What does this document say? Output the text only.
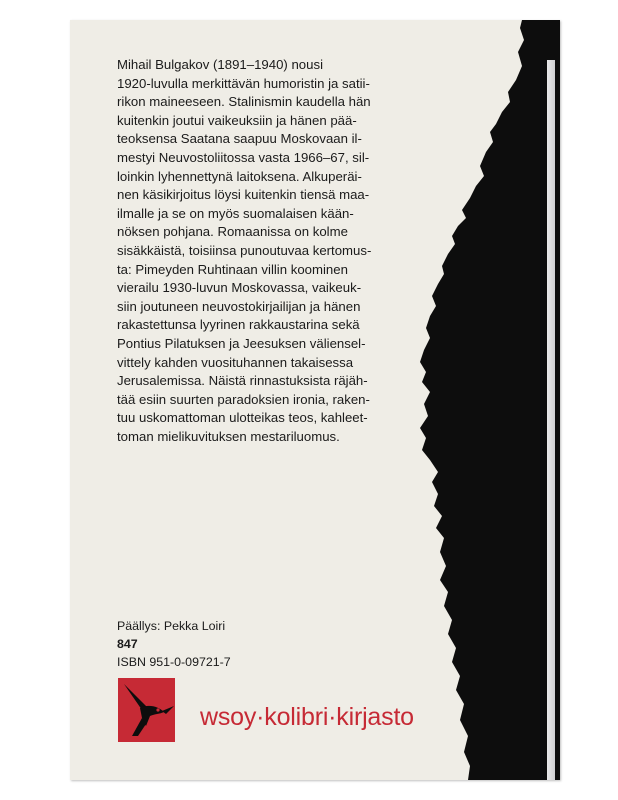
Mihail Bulgakov (1891–1940) nousi
1920-luvulla merkittävän humoristin ja satii-
rikon maineeseen. Stalinismin kaudella hän
kuitenkin joutui vaikeuksiin ja hänen pää-
teoksensa Saatana saapuu Moskovaan il-
mestyi Neuvostoliitossa vasta 1966–67, sil-
loinkin lyhennettynä laitoksena. Alkuperäi-
nen käsikirjoitus löysi kuitenkin tiensä maa-
ilmalle ja se on myös suomalaisen kään-
nöksen pohjana. Romaanissa on kolme
sisäkkäistä, toisiinsa punoutuvaa kertomus-
ta: Pimeyden Ruhtinaan villin koominen
vierailu 1930-luvun Moskovassa, vaikeuk-
siin joutuneen neuvostokirjailijan ja hänen
rakastettunsa lyyrinen rakkaustarina sekä
Pontius Pilatuksen ja Jeesuksen väliensel-
vittely kahden vuosituhannen takaisessa
Jerusalemissa. Näistä rinnastuksista räjäh-
tää esiin suurten paradoksien ironia, raken-
tuu uskomattoman ulotteikas teos, kahleet-
toman mielikuvituksen mestariluomus.

Päällys: Pekka Loiri
847
ISBN 951-0-09721-7
wsoy·kolibri·kirjasto
